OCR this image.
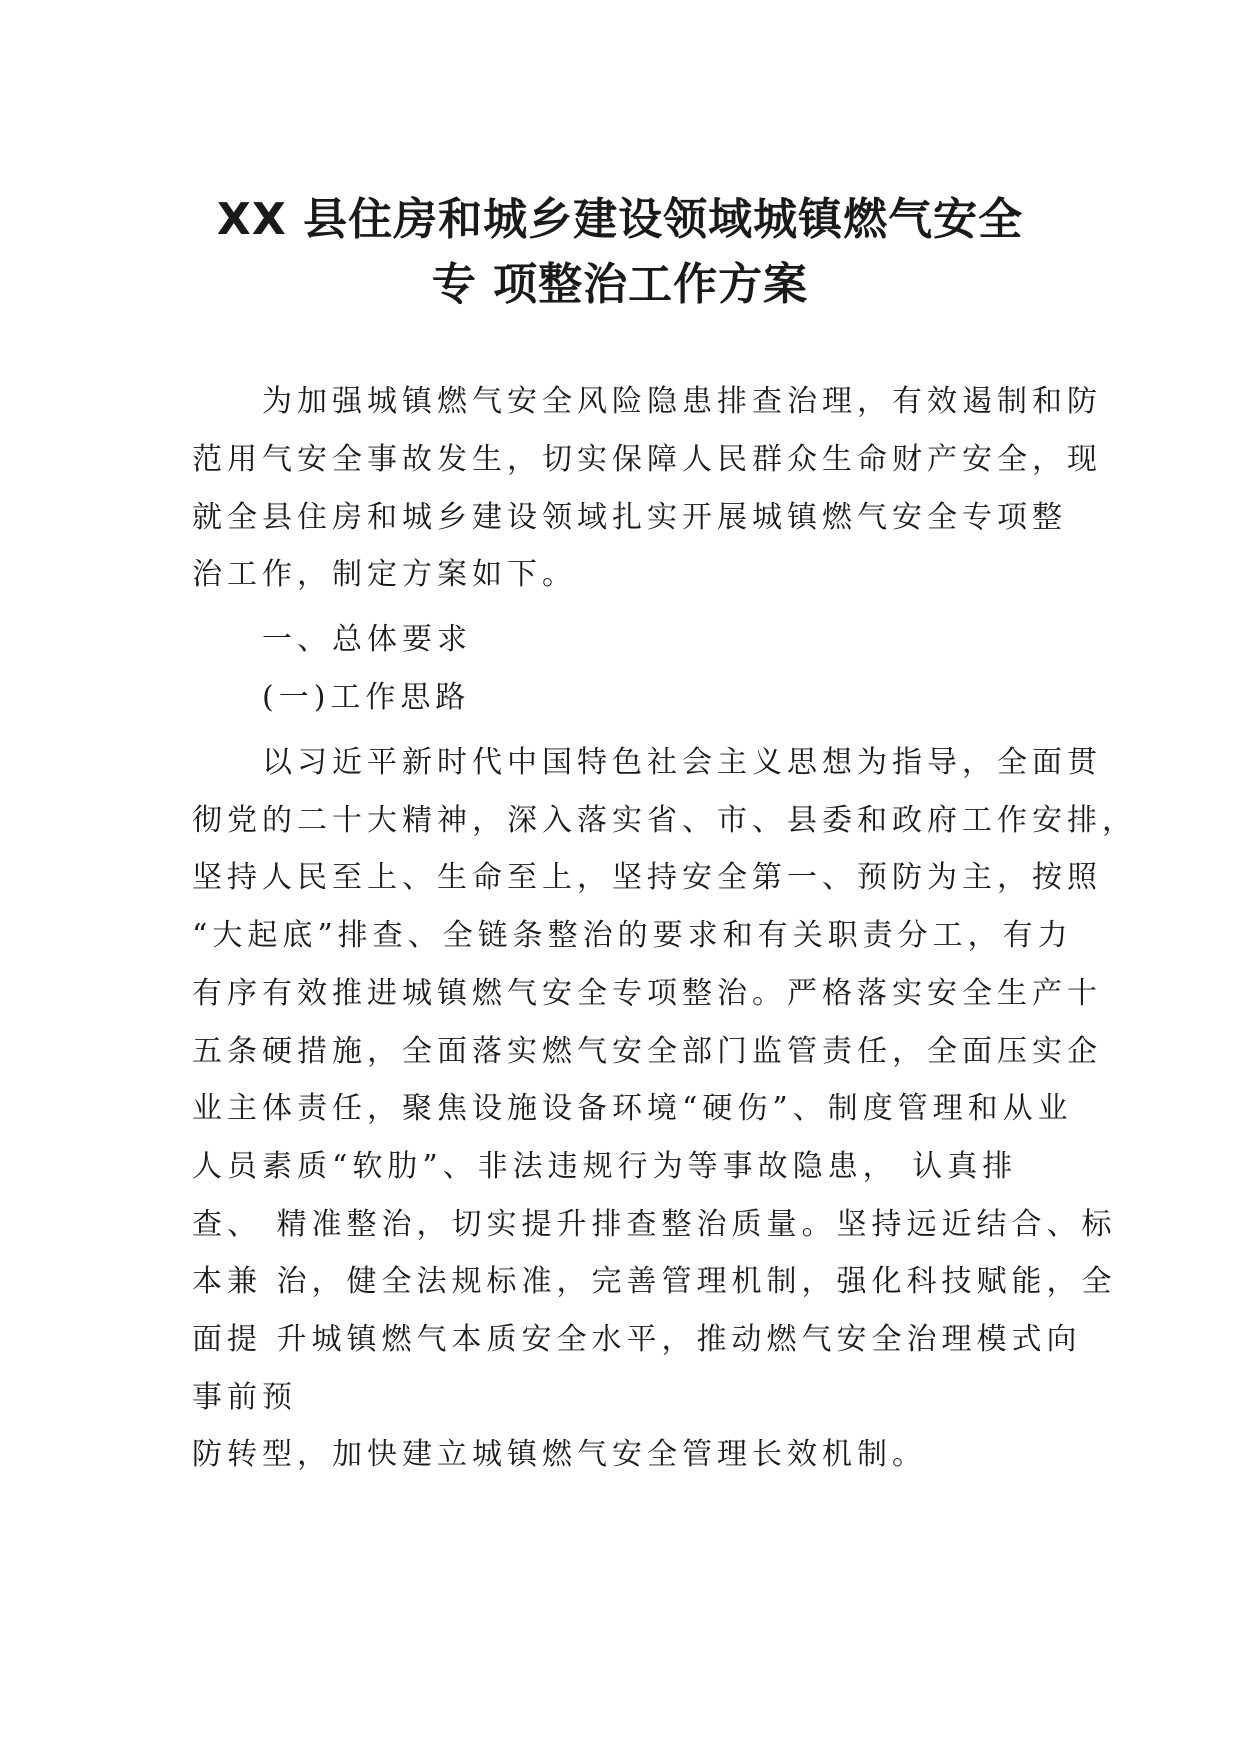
XX 县住房和城乡建设领域城镇燃气安全
专 项整治工作方案

为加强城镇燃气安全风险隐患排查治理，有效遏制和防

范用气安全事故发生，切实保障人民群众生命财产安全，现

就全县住房和城乡建设领域扎实开展城镇燃气安全专项整

治工作，制定方案如下。

一、总体要求

(一)工作思路

以习近平新时代中国特色社会主义思想为指导，全面贯

彻党的二十大精神，深入落实省、市、县委和政府工作安排，

坚持人民至上、生命至上，坚持安全第一、预防为主，按照

“大起底”排查、全链条整治的要求和有关职责分工，有力

有序有效推进城镇燃气安全专项整治。严格落实安全生产十

五条硬措施，全面落实燃气安全部门监管责任，全面压实企

业主体责任，聚焦设施设备环境“硬伤”、制度管理和从业

人员素质“软肋”、非法违规行为等事故隐患， 认真排

查、 精准整治，切实提升排查整治质量。坚持远近结合、标

本兼 治，健全法规标准，完善管理机制，强化科技赋能，全

面提 升城镇燃气本质安全水平，推动燃气安全治理模式向

事前预

防转型，加快建立城镇燃气安全管理长效机制。
